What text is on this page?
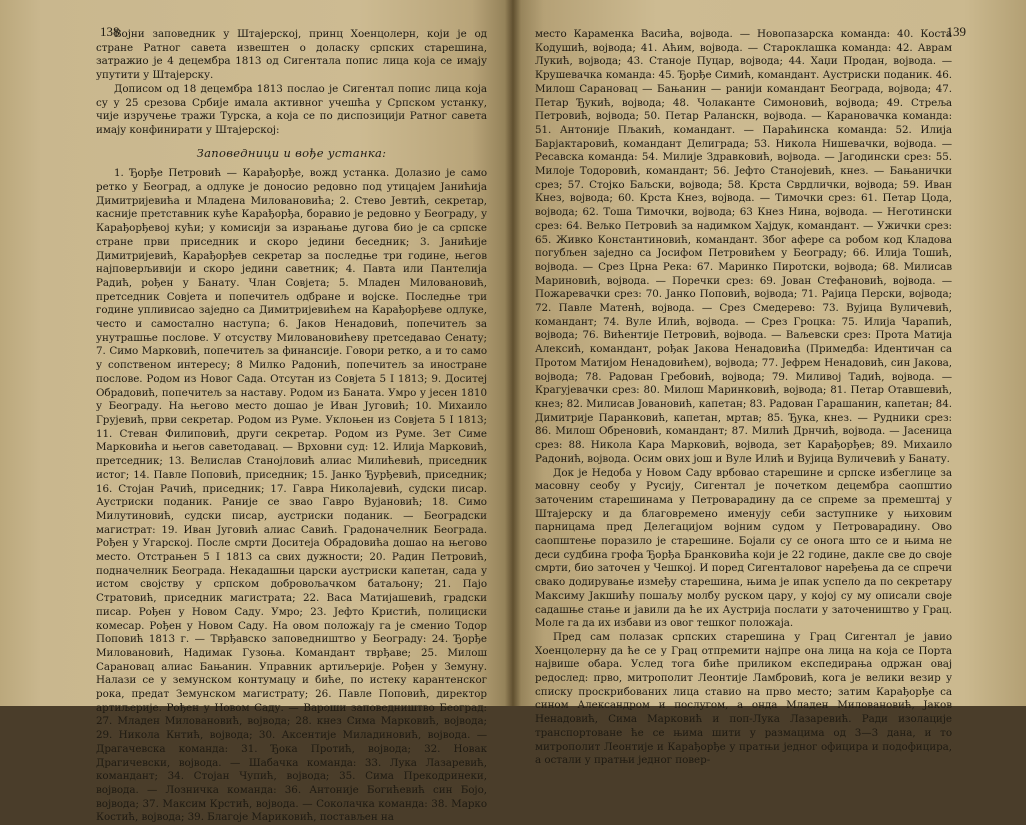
138

Војни заповедник у Штајерској, принц Хоенцолерн, који је од стране Ратног савета извештен о доласку српских старешина, затражио је 4 децембра 1813 од Сигентала попис лица која се имају упутити у Штајерску.

Дописом од 18 децембра 1813 послао је Сигентал попис лица која су у 25 срезова Србије имала активног учешћа у Српском устанку, чије изручење тражи Турска, а која се по диспозицији Ратног савета имају конфинирати у Штајерској:

Заповедници и вође устанка:

1. Ђорђе Петровић — Карађорђе, вожд устанка. Долазио је само ретко у Београд, а одлуке је доносио редовно под утицајем Јанићија Димитријевића и Младена Миловановића; 2. Стево Јевтић, секретар, касније претставник куће Карађорђа, боравио је редовно у Београду, у Карађорђевој кући; у комисији за израњање дугова био је са српске стране први приседник и скоро једини беседник; 3. Јанићије Димитријевић, Карађорђев секретар за последње три године, његов најповерљивији и скоро једини саветник; 4. Павта или Пантелија Радић, рођен у Банату. Члан Совјета; 5. Младен Миловановић, претседник Совјета и попечитељ одбране и војске. Последње три године упливисао заједно са Димитријевићем на Карађорђеве одлуке, често и самостално наступа; 6. Јаков Ненадовић, попечитељ за унутрашње послове. У отсуству Миловановићеву претседавао Сенату; 7. Симо Марковић, попечитељ за финансије. Говори ретко, а и то само у сопственом интересу; 8 Милко Радонић, попечитељ за иностране послове. Родом из Новог Сада. Отсутан из Совјета 5 I 1813; 9. Доситеј Обрадовић, попечитељ за наставу. Родом из Баната. Умро у јесен 1810 у Београду. На његово место дошао је Иван Југовић; 10. Михаило Грујевић, први секретар. Родом из Руме. Уклоњен из Совјета 5 I 1813; 11. Стеван Филиповић, други секретар. Родом из Руме. Зет Симе Марковића и његов саветодавац. — Врховни суд: 12. Илија Марковић, претседник; 13. Велислав Станојловић алиас Милићевић, приседник истог; 14. Павле Поповић, приседник; 15. Јанко Ђурђевић, приседник; 16. Стојан Рачић, приседник; 17. Гавра Николајевић, судски писар. Аустриски поданик. Раније се звао Гавро Вујановић; 18. Симо Милутиновић, судски писар, аустриски поданик. — Београдски магистрат: 19. Иван Југовић алиас Савић. Градоначелник Београда. Рођен у Угарској. После смрти Доситеја Обрадовића дошао на његово место. Отстрањен 5 I 1813 са свих дужности; 20. Радин Петровић, подначелник Београда. Некадашњи царски аустриски капетан, сада у истом својству у српском добровољачком батаљону; 21. Пајо Стратовић, приседник магистрата; 22. Васа Матијашевић, градски писар. Рођен у Новом Саду. Умро; 23. Јефто Кристић, полициски комесар. Рођен у Новом Саду. На овом положају га је сменио Тодор Поповић 1813 г. — Тврђавско заповедништво у Београду: 24. Ђорђе Миловановић, Надимак Гузоња. Командант тврђаве; 25. Милош Сарановац алиас Бањанин. Управник артиљерије. Рођен у Земуну. Налази се у земунском контумацу и биће, по истеку карантенског рока, предат Земунском магистрату; 26. Павле Поповић, директор артиљерије. Рођен у Новом Саду. — Вароши заповедништво Београд: 27. Младен Миловановић, војвода; 28. кнез Сима Марковић, војвода; 29. Никола Кнтић, војвода; 30. Аксентије Миладиновић, војвода. — Драгачевска команда: 31. Ђока Протић, војвода; 32. Новак Драгичевски, војвода. — Шабачка команда: 33. Лука Лазаревић, командант; 34. Стојан Чупић, војвода; 35. Сима Прекодринеки, војвода. — Лозничка команда: 36. Антоније Богићевић син Бојо, војвода; 37. Максим Крстић, војвода. — Соколачка команда: 38. Марко Костић, војвода; 39. Благоје Мариковић, постављен на

139

место Караменка Васића, војвода. — Новопазарска команда: 40. Коста Кодушић, војвода; 41. Аћим, војвода. — Староклашка команда: 42. Аврам Лукић, војвода; 43. Станоје Пуцар, војвода; 44. Хаџи Продан, војвода. — Крушевачка команда: 45. Ђорђе Симић, командант. Аустриски поданик. 46. Милош Сарановац — Бањанин — ранији командант Београда, војвода; 47. Петар Ђукић, војвода; 48. Чолаканте Симоновић, војвода; 49. Стреља Петровић, војвода; 50. Петар Раланскн, војвода. — Карановачка команда: 51. Антоније Пљакић, командант. — Параћинска команда: 52. Илија Барјактаровић, командант Делиграда; 53. Никола Нишевачки, војвода. — Ресавска команда: 54. Милије Здравковић, војвода. — Јагодински срез: 55. Милоје Тодоровић, командант; 56. Јефто Станојевић, кнез. — Бањанички срез; 57. Стојко Баљски, војвода; 58. Крста Сврдлички, војвода; 59. Иван Кнез, војвода; 60. Крста Кнез, војвода. — Тимочки срез: 61. Петар Цода, војвода; 62. Тоша Тимочки, војвода; 63 Кнез Нина, војвода. — Неготински срез: 64. Вељко Петровић за надимком Хајдук, командант. — Ужички срез: 65. Живко Константиновић, командант. Због афере са робом код Кладова погубљен заједно са Јосифом Петровићем у Београду; 66. Илија Тошић, војвода. — Срез Црна Река: 67. Маринко Пиротски, војвода; 68. Милисав Мариновић, војвода. — Поречки срез: 69. Јован Стефановић, војвода. — Пожаревачки срез: 70. Јанко Поповић, војвода; 71. Рајица Перски, војвода; 72. Павле Матенћ, војвода. — Срез Смедерево: 73. Вујица Вуличевић, командант; 74. Вуле Илић, војвода. — Срез Гроцка: 75. Илија Чарапић, војвода; 76. Вићентије Петровић, војвода. — Ваљевски срез: Прота Матија Алексић, командант, рођак Јакова Ненадовића (Примедба: Идентичан са Протом Матијом Ненадовићем), војвода; 77. Јефрем Ненадовић, син Јакова, војвода; 78. Радован Гребовић, војвода; 79. Миливој Тадић, војвода. — Крагујевачки срез: 80. Милош Маринковић, војвода; 81. Петар Отавшевић, кнез; 82. Милисав Јовановић, капетан; 83. Радован Гарашанин, капетан; 84. Димитрије Паранковић, капетан, мртав; 85. Ђука, кнез. — Рудники срез: 86. Милош Обреновић, командант; 87. Милић Дрнчић, војвода. — Јасеница срез: 88. Никола Кара Марковић, војвода, зет Карађорђев; 89. Михаило Радонић, војвода. Осим ових још и Вуле Илић и Вујица Вуличевић у Банату.

Док је Недоба у Новом Саду врбовао старешине и српске избеглице за масовну сеобу у Русију, Сигентал је почетком децембра саопштио заточеним старешинама у Петроварадину да се спреме за премештај у Штајерску и да благовремено именују себи заступнике у њиховим парницама пред Делегацијом војним судом у Петроварадину. Ово саопштење поразило је старешине. Бојали су се онога што се и њима не деси судбина грофа Ђорђа Бранковића који је 22 године, дакле све до своје смрти, био заточен у Чешкој. И поред Сигенталовог наређења да се спречи свако додирување између старешина, њима је ипак успело да по секретару Максиму Јакшићу пошаљу молбу руском цару, у којој су му описали своје садашње стање и јавили да ће их Аустрија послати у заточеништво у Грац. Моле га да их избави из овог тешког положаја.

Пред сам полазак српских старешина у Грац Сигентал је јавио Хоенцолерну да ће се у Грац отпремити најпре она лица на која се Порта највише обара. Услед тога биће приликом експедирања одржан овај редослед: прво, митрополит Леонтије Ламбровић, кога је велики везир у списку проскрибованих лица ставио на прво место; затим Карађорђе са сином Александром и послугом, а онда Младен Миловановић, Јаков Ненадовић, Сима Марковић и поп-Лука Лазаревић. Ради изолације транспортоване ће се њима шити у размацима од 3—3 дана, и то митрополит Леонтије и Карађорђе у пратњи једног официра и подофицира, а остали у пратњи једног повер-
